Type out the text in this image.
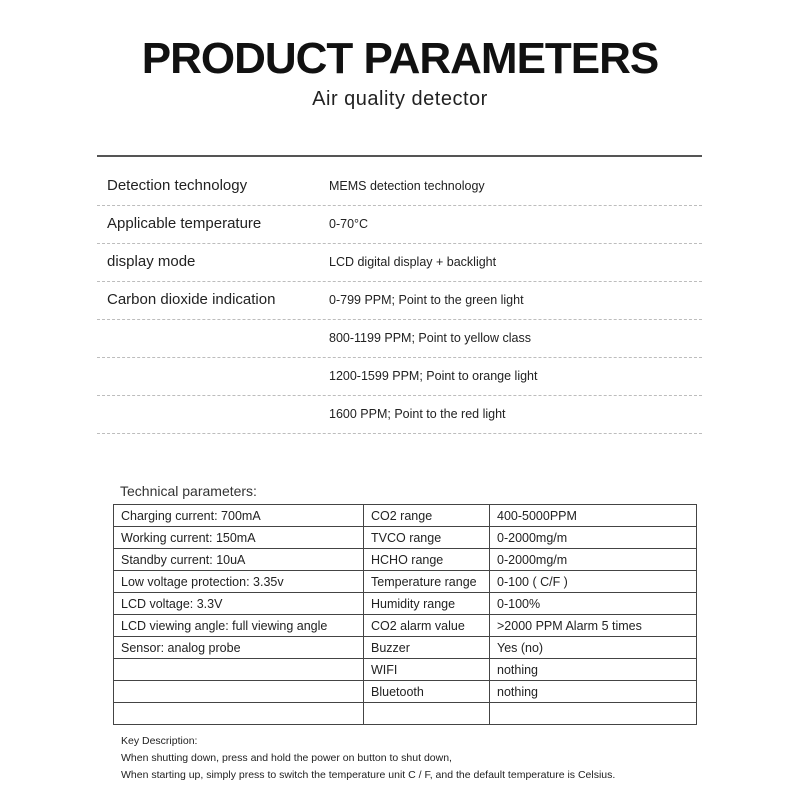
PRODUCT PARAMETERS
Air quality detector
Detection technology	MEMS detection technology
Applicable temperature	0-70°C
display mode	LCD digital display + backlight
Carbon dioxide indication	0-799 PPM; Point to the green light
800-1199 PPM; Point to yellow class
1200-1599 PPM; Point to orange light
1600 PPM; Point to the red light
Technical parameters:
Charging current: 700mA	CO2 range	400-5000PPM
Working current: 150mA	TVCO range	0-2000mg/m
Standby current: 10uA	HCHO range	0-2000mg/m
Low voltage protection: 3.35v	Temperature range	0-100 ( C/F )
LCD voltage: 3.3V	Humidity range	0-100%
LCD viewing angle: full viewing angle	CO2 alarm value	>2000 PPM Alarm 5 times
Sensor: analog probe	Buzzer	Yes (no)
	WIFI	nothing
	Bluetooth	nothing

Key Description:
When shutting down, press and hold the power on button to shut down,
When starting up, simply press to switch the temperature unit C / F, and the default temperature is Celsius.
